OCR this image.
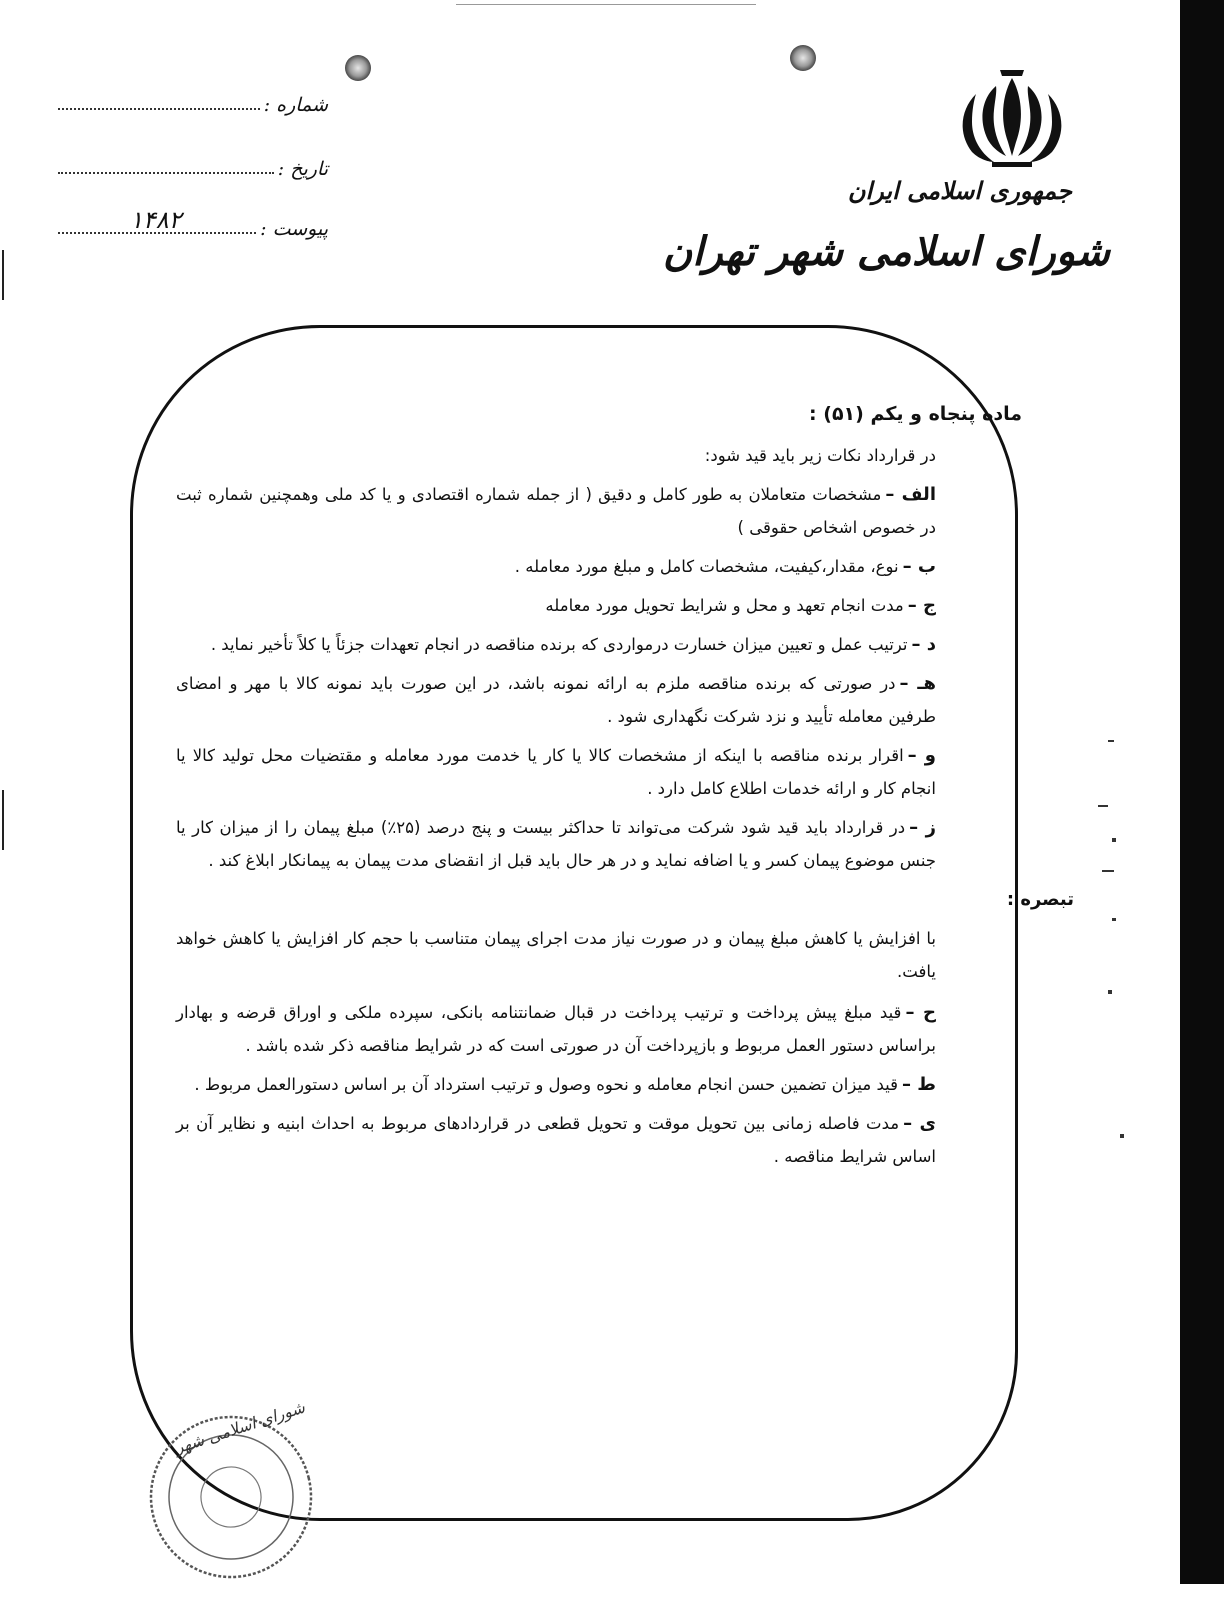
شماره :
تاریخ :
پیوست :
۱۴۸۲
جمهوری اسلامی ایران
شورای اسلامی شهر تهران
ماده پنجاه و یکم (۵۱) :
در قرارداد نکات زیر باید قید شود:
الف –مشخصات متعاملان به طور کامل و دقیق ( از جمله شماره اقتصادی و یا کد ملی وهمچنین شماره ثبت در خصوص اشخاص حقوقی )
ب –نوع، مقدار،کیفیت، مشخصات کامل و مبلغ مورد معامله .
ج –مدت انجام تعهد و محل و شرایط تحویل مورد معامله
د –ترتیب عمل و تعیین میزان خسارت درمواردی که برنده مناقصه در انجام تعهدات جزئاً یا کلاً تأخیر نماید .
هـ –در صورتی که برنده مناقصه ملزم به ارائه نمونه باشد، در این صورت باید نمونه کالا با مهر و امضای طرفین معامله تأیید و نزد شرکت نگهداری شود .
و –اقرار برنده مناقصه با اینکه از مشخصات کالا یا کار یا خدمت مورد معامله و مقتضیات محل تولید کالا یا انجام کار و ارائه خدمات اطلاع کامل دارد .
ز –در قرارداد باید قید شود شرکت می‌تواند تا حداکثر بیست و پنج درصد (۲۵٪) مبلغ پیمان را از میزان کار یا جنس موضوع پیمان کسر و یا اضافه نماید و در هر حال باید قبل از انقضای مدت پیمان به پیمانکار ابلاغ کند .
تبصره :
با افزایش یا کاهش مبلغ پیمان و در صورت نیاز مدت اجرای پیمان متناسب با حجم کار افزایش یا کاهش خواهد یافت.
ح –قید مبلغ پیش پرداخت و ترتیب پرداخت در قبال ضمانتنامه بانکی، سپرده ملکی و اوراق قرضه و بهادار براساس دستور العمل مربوط و بازپرداخت آن در صورتی است که در شرایط مناقصه ذکر شده باشد .
ط –قید میزان تضمین حسن انجام معامله و نحوه وصول و ترتیب استرداد آن بر اساس دستورالعمل مربوط .
ی –مدت فاصله زمانی بین تحویل موقت و تحویل قطعی در قراردادهای مربوط به احداث ابنیه و نظایر آن بر اساس شرایط مناقصه .
شورای اسلامی شهر
